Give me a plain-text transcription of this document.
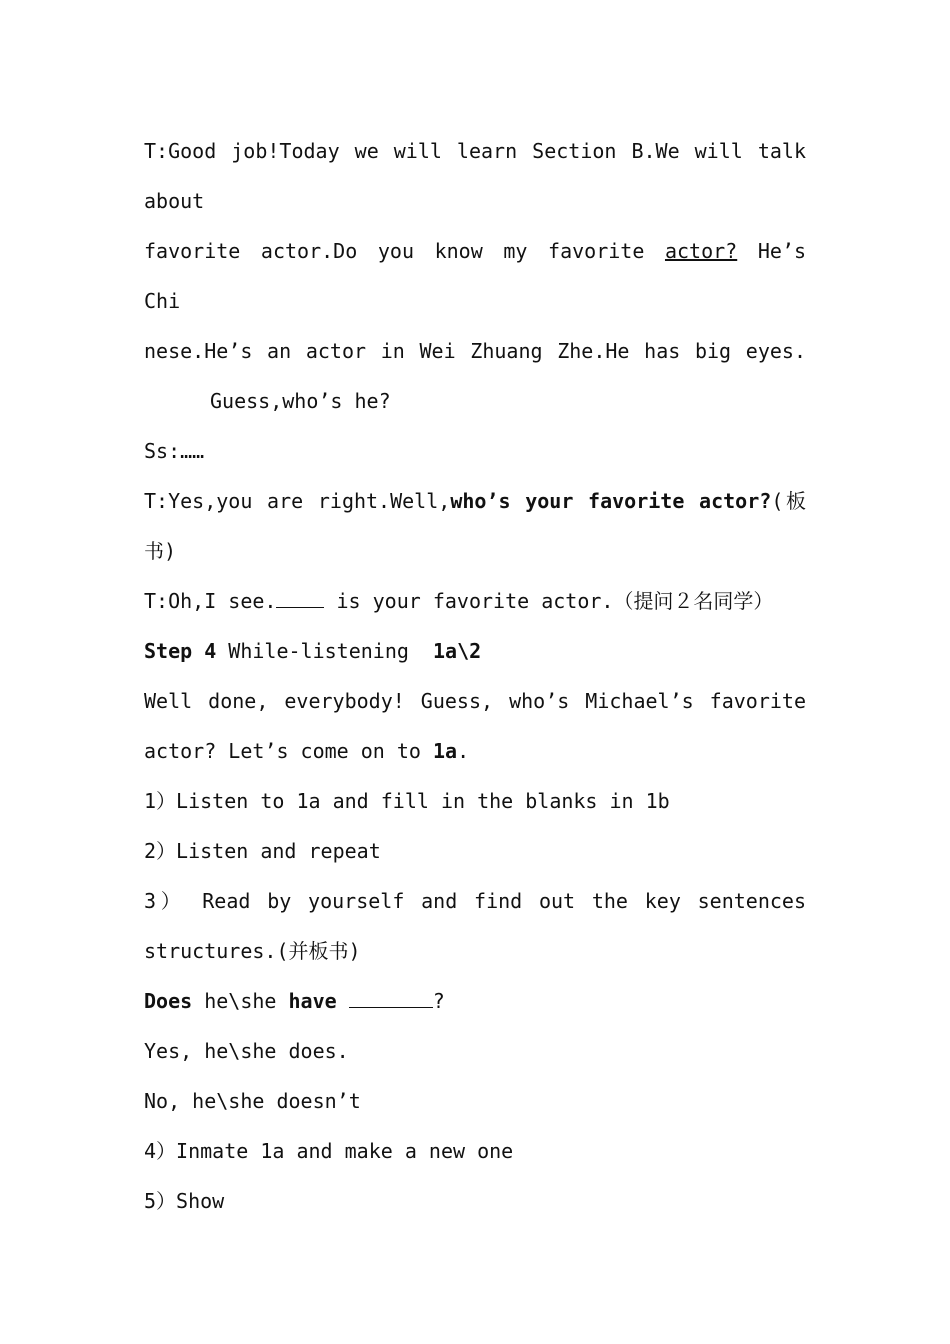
T:Good job!Today we will learn Section B.We will talk
about
favorite actor.Do you know my favorite actor? He’s
Chi
nese.He’s an actor in Wei Zhuang Zhe.He has big eyes.
Guess,who’s he?
Ss:……
T:Yes,you are right.Well,who’s your favorite actor?(板
书)
T:Oh,I see. is your favorite actor.（提问２名同学）
Step 4 While-listening  1a\2
Well done, everybody! Guess, who’s Michael’s favorite
actor? Let’s come on to 1a.
1）Listen to 1a and fill in the blanks in 1b
2）Listen and repeat
3） Read by yourself and find out the key sentences
structures.(并板书)
Does he\she have	?
Yes, he\she does.
No, he\she doesn’t
4）Inmate 1a and make a new one
5）Show
